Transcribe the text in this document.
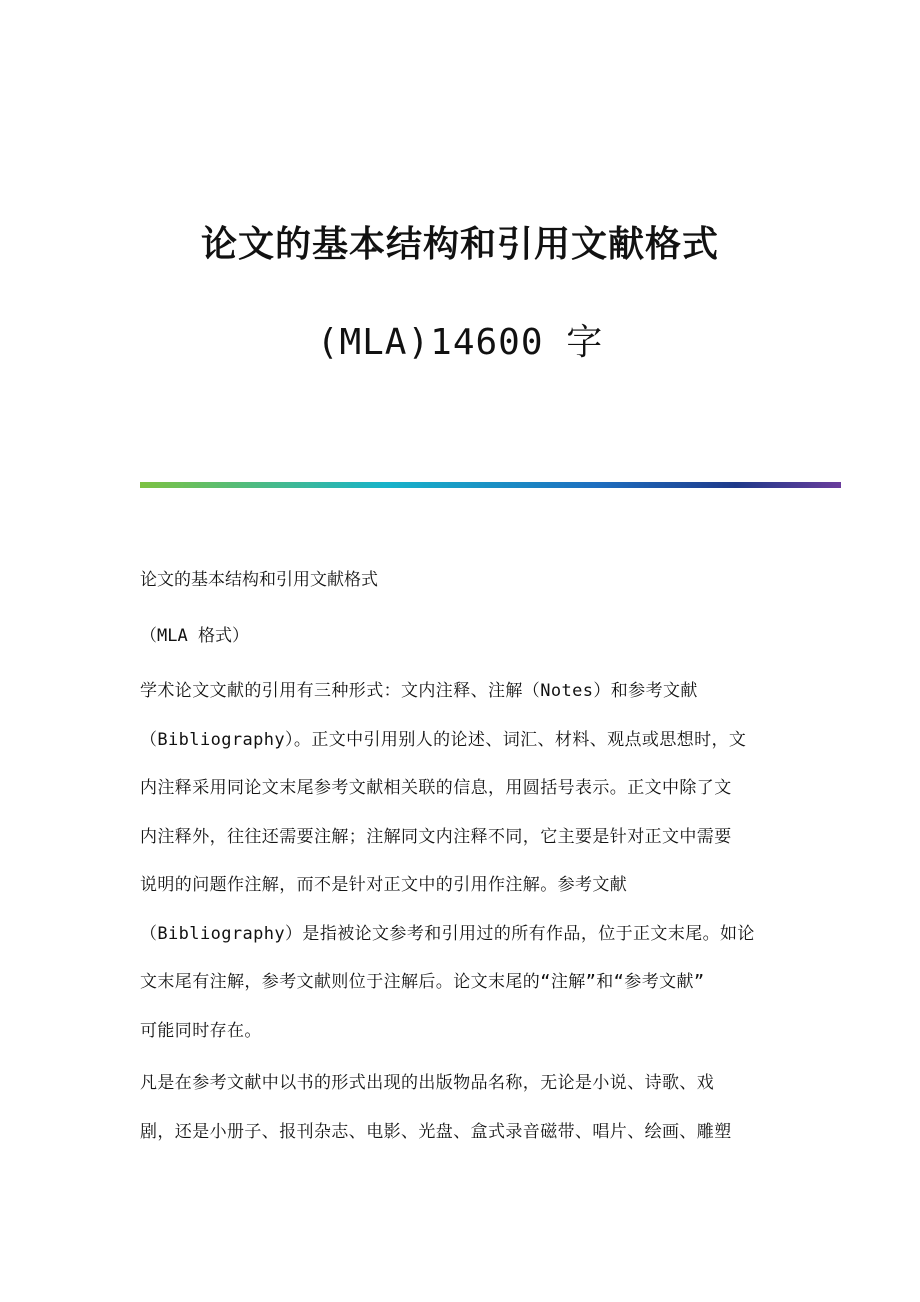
论文的基本结构和引用文献格式
(MLA)14600 字
论文的基本结构和引用文献格式
（MLA 格式）
学术论文文献的引用有三种形式：文内注释、注解（Notes）和参考文献
（Bibliography）。正文中引用别人的论述、词汇、材料、观点或思想时，文
内注释采用同论文末尾参考文献相关联的信息，用圆括号表示。正文中除了文
内注释外，往往还需要注解；注解同文内注释不同，它主要是针对正文中需要
说明的问题作注解，而不是针对正文中的引用作注解。参考文献
（Bibliography）是指被论文参考和引用过的所有作品，位于正文末尾。如论
文末尾有注解，参考文献则位于注解后。论文末尾的“注解”和“参考文献”
可能同时存在。
凡是在参考文献中以书的形式出现的出版物品名称，无论是小说、诗歌、戏
剧，还是小册子、报刊杂志、电影、光盘、盒式录音磁带、唱片、绘画、雕塑
